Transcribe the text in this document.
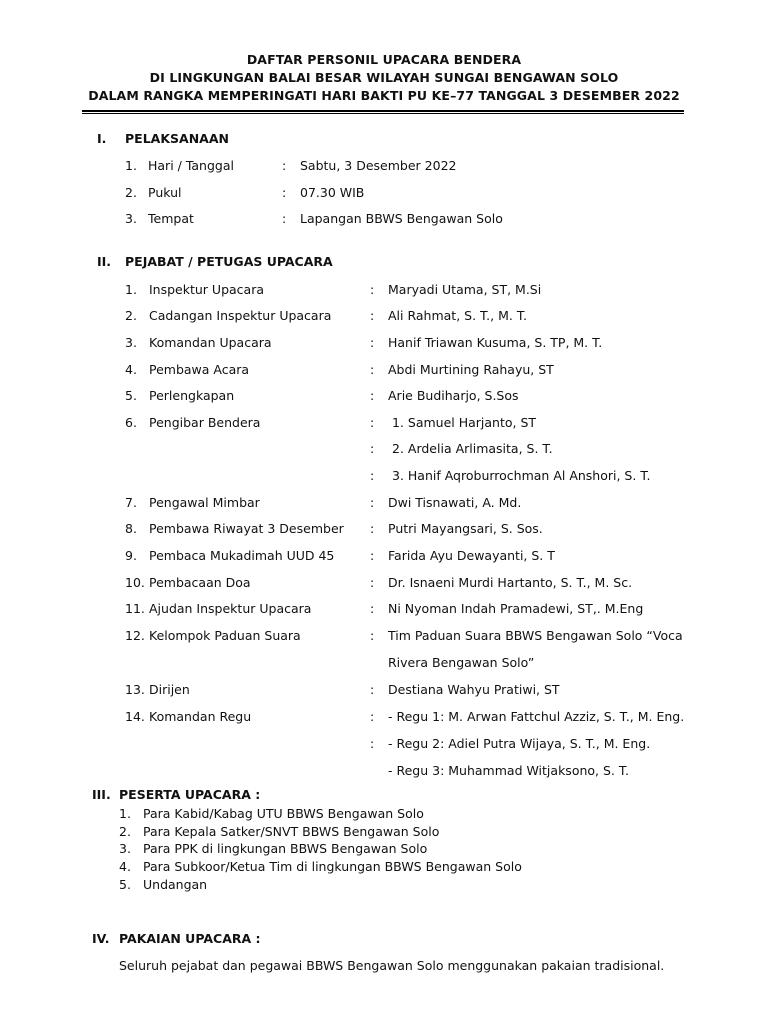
DAFTAR PERSONIL UPACARA BENDERA
DI LINGKUNGAN BALAI BESAR WILAYAH SUNGAI BENGAWAN SOLO
DALAM RANGKA MEMPERINGATI HARI BAKTI PU KE–77 TANGGAL 3 DESEMBER 2022
I. PELAKSANAAN
1. Hari / Tanggal	: Sabtu, 3 Desember 2022
2. Pukul	: 07.30 WIB
3. Tempat	: Lapangan BBWS Bengawan Solo
II. PEJABAT / PETUGAS UPACARA
1. Inspektur Upacara	: Maryadi Utama, ST, M.Si
2. Cadangan Inspektur Upacara	: Ali Rahmat, S. T., M. T.
3. Komandan Upacara	: Hanif Triawan Kusuma, S. TP, M. T.
4. Pembawa Acara	: Abdi Murtining Rahayu, ST
5. Perlengkapan	: Arie Budiharjo, S.Sos
6. Pengibar Bendera	: 1. Samuel Harjanto, ST
: 2. Ardelia Arlimasita, S. T.
: 3. Hanif Aqroburrochman Al Anshori, S. T.
7. Pengawal Mimbar	: Dwi Tisnawati, A. Md.
8. Pembawa Riwayat 3 Desember : Putri Mayangsari, S. Sos.
9. Pembaca Mukadimah UUD 45	: Farida Ayu Dewayanti, S. T
10. Pembacaan Doa	: Dr. Isnaeni Murdi Hartanto, S. T., M. Sc.
11. Ajudan Inspektur Upacara	: Ni Nyoman Indah Pramadewi, ST,. M.Eng
12. Kelompok Paduan Suara	: Tim Paduan Suara BBWS Bengawan Solo “Voca
Rivera Bengawan Solo”
13. Dirijen	: Destiana Wahyu Pratiwi, ST
14. Komandan Regu	: - Regu 1: M. Arwan Fattchul Azziz, S. T., M. Eng.
: - Regu 2: Adiel Putra Wijaya, S. T., M. Eng.
- Regu 3: Muhammad Witjaksono, S. T.
III. PESERTA UPACARA :
1. Para Kabid/Kabag UTU BBWS Bengawan Solo
2. Para Kepala Satker/SNVT BBWS Bengawan Solo
3. Para PPK di lingkungan BBWS Bengawan Solo
4. Para Subkoor/Ketua Tim di lingkungan BBWS Bengawan Solo
5. Undangan
IV. PAKAIAN UPACARA :
Seluruh pejabat dan pegawai BBWS Bengawan Solo menggunakan pakaian tradisional.
